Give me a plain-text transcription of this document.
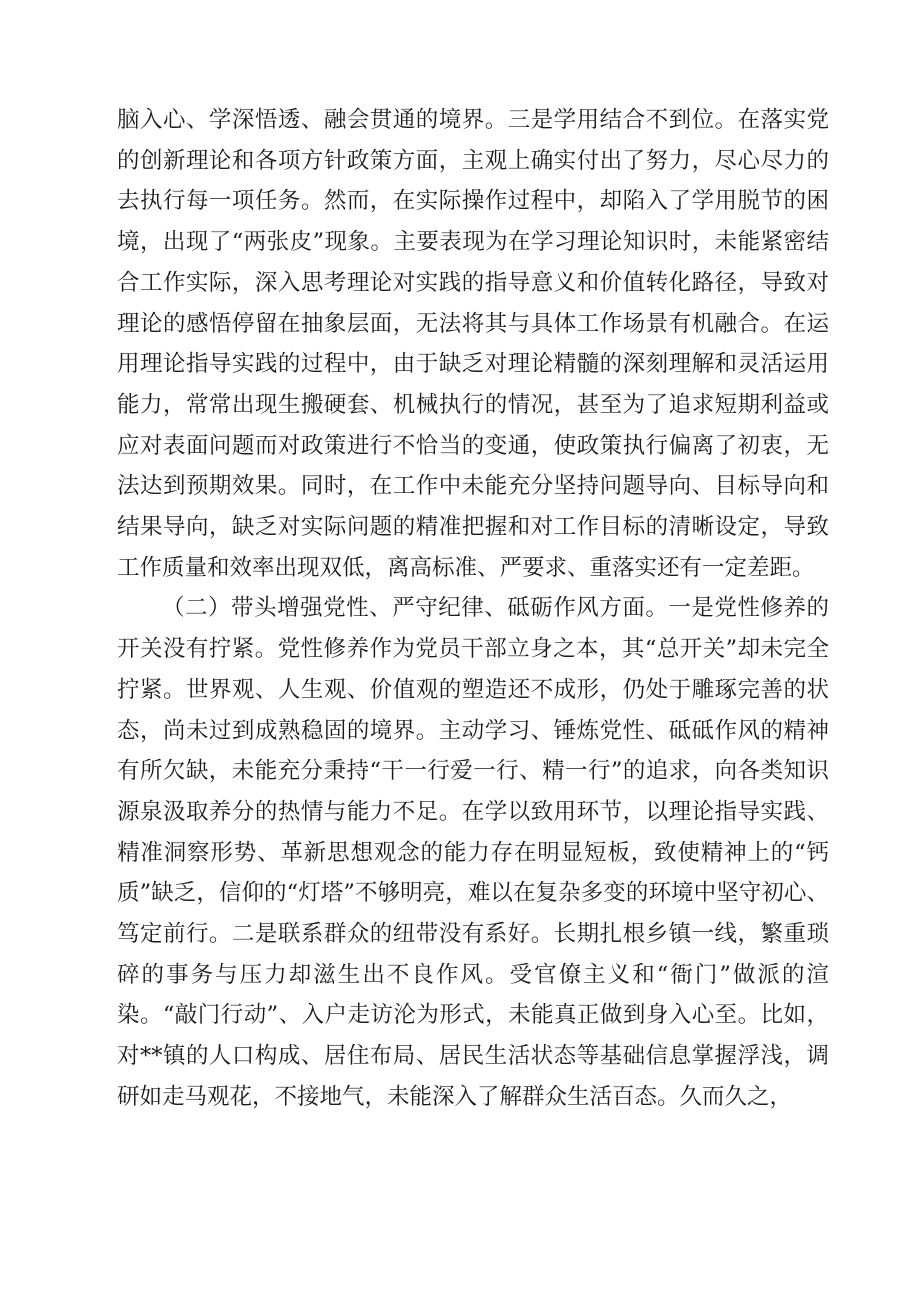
脑入心、学深悟透、融会贯通的境界。三是学用结合不到位。在落实党的创新理论和各项方针政策方面，主观上确实付出了努力，尽心尽力的去执行每一项任务。然而，在实际操作过程中，却陷入了学用脱节的困境，出现了“两张皮”现象。主要表现为在学习理论知识时，未能紧密结合工作实际，深入思考理论对实践的指导意义和价值转化路径，导致对理论的感悟停留在抽象层面，无法将其与具体工作场景有机融合。在运用理论指导实践的过程中，由于缺乏对理论精髓的深刻理解和灵活运用能力，常常出现生搬硬套、机械执行的情况，甚至为了追求短期利益或应对表面问题而对政策进行不恰当的变通，使政策执行偏离了初衷，无法达到预期效果。同时，在工作中未能充分坚持问题导向、目标导向和结果导向，缺乏对实际问题的精准把握和对工作目标的清晰设定，导致工作质量和效率出现双低，离高标准、严要求、重落实还有一定差距。

（二）带头增强党性、严守纪律、砥砺作风方面。一是党性修养的开关没有拧紧。党性修养作为党员干部立身之本，其“总开关”却未完全拧紧。世界观、人生观、价值观的塑造还不成形，仍处于雕琢完善的状态，尚未过到成熟稳固的境界。主动学习、锤炼党性、砥砥作风的精神有所欠缺，未能充分秉持“干一行爱一行、精一行”的追求，向各类知识源泉汲取养分的热情与能力不足。在学以致用环节，以理论指导实践、精准洞察形势、革新思想观念的能力存在明显短板，致使精神上的“钙质”缺乏，信仰的“灯塔”不够明亮，难以在复杂多变的环境中坚守初心、笃定前行。二是联系群众的纽带没有系好。长期扎根乡镇一线，繁重琐碎的事务与压力却滋生出不良作风。受官僚主义和“衙门”做派的渲染。“敲门行动”、入户走访沦为形式，未能真正做到身入心至。比如，对**镇的人口构成、居住布局、居民生活状态等基础信息掌握浮浅，调研如走马观花，不接地气，未能深入了解群众生活百态。久而久之，
